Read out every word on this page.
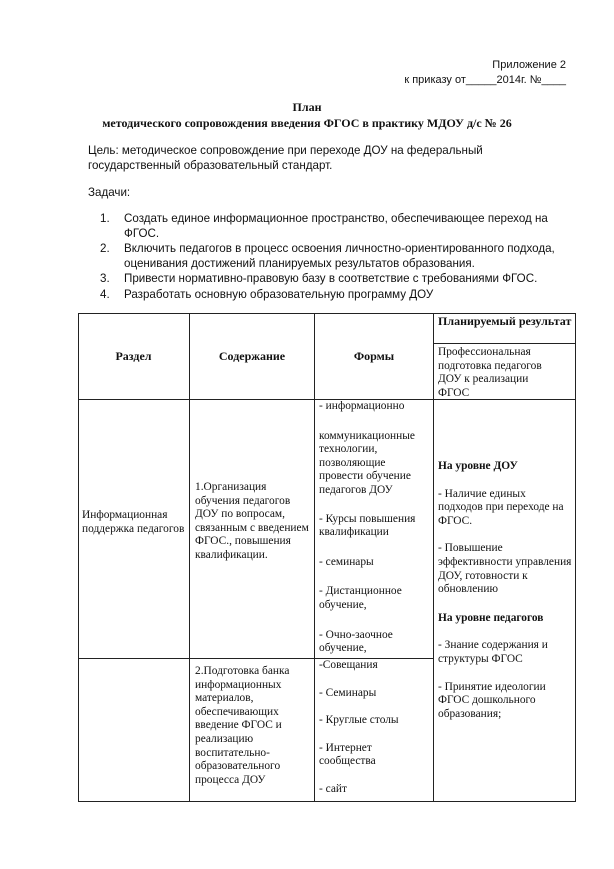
Приложение 2
к приказу от_____2014г. №____
План
методического сопровождения введения ФГОС в практику МДОУ д/с № 26
Цель: методическое сопровождение при переходе ДОУ на федеральный государственный образовательный стандарт.
Задачи:
1. Создать единое информационное пространство, обеспечивающее переход на ФГОС.
2. Включить педагогов в процесс освоения личностно-ориентированного подхода, оценивания достижений планируемых результатов образования.
3. Привести нормативно-правовую базу в соответствие с требованиями ФГОС.
4. Разработать основную образовательную программу ДОУ
Раздел	Содержание	Формы
Планируемый результат
Профессиональная подготовка педагогов ДОУ к реализации ФГОС
Информационная поддержка педагогов
1.Организация обучения педагогов ДОУ по вопросам, связанным с введением ФГОС., повышения квалификации.
- информационно
коммуникационные технологии, позволяющие провести обучение педагогов ДОУ
- Курсы повышения квалификации
- семинары
- Дистанционное обучение,
- Очно-заочное обучение,
2.Подготовка банка информационных материалов, обеспечивающих введение ФГОС и реализацию воспитательно-образовательного процесса ДОУ
-Совещания
- Семинары
- Круглые столы
- Интернет сообщества
- сайт
На уровне ДОУ
- Наличие единых подходов при переходе на ФГОС.
- Повышение эффективности управления ДОУ, готовности к обновлению
На уровне педагогов
- Знание содержания и структуры ФГОС
- Принятие идеологии ФГОС дошкольного образования;
